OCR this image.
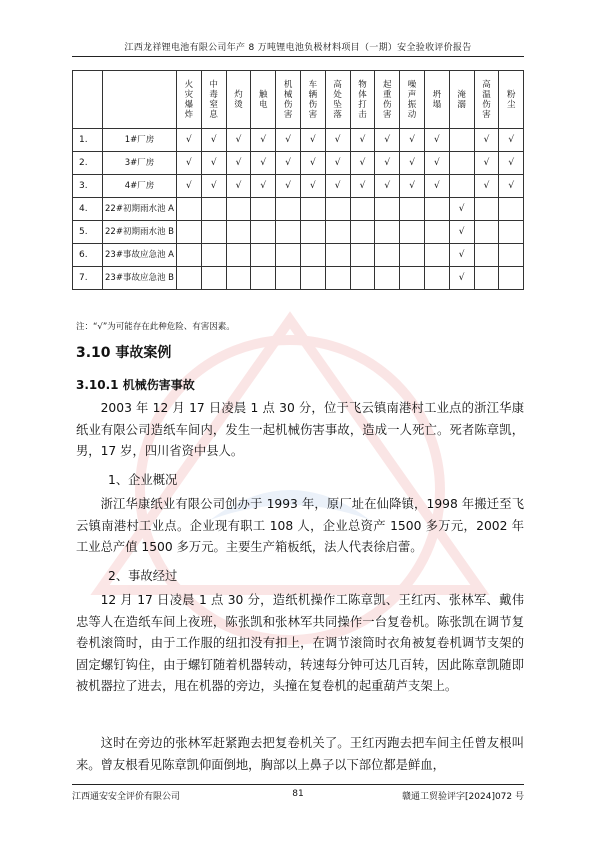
江西龙祥锂电池有限公司年产 8 万吨锂电池负极材料项目（一期）安全验收评价报告
		火灾爆炸	中毒窒息	灼烫	触电	机械伤害	车辆伤害	高处坠落	物体打击	起重伤害	噪声振动	坍塌	淹溺	高温伤害	粉尘
1.	1#厂房	√	√	√	√	√	√	√	√	√	√	√		√	√
2.	3#厂房	√	√	√	√	√	√	√	√	√	√	√		√	√
3.	4#厂房	√	√	√	√	√	√	√	√	√	√	√		√	√
4.	22#初期雨水池 A												√		
5.	22#初期雨水池 B												√		
6.	23#事故应急池 A												√		
7.	23#事故应急池 B												√		
注：“√”为可能存在此种危险、有害因素。
3.10 事故案例
3.10.1 机械伤害事故
2003 年 12 月 17 日凌晨 1 点 30 分，位于飞云镇南港村工业点的浙江华康纸业有限公司造纸车间内，发生一起机械伤害事故，造成一人死亡。死者陈章凯，男，17 岁，四川省资中县人。
1、企业概况
浙江华康纸业有限公司创办于 1993 年，原厂址在仙降镇，1998 年搬迁至飞云镇南港村工业点。企业现有职工 108 人，企业总资产 1500 多万元，2002 年工业总产值 1500 多万元。主要生产箱板纸，法人代表徐启蕾。
2、事故经过
12 月 17 日凌晨 1 点 30 分，造纸机操作工陈章凯、王红丙、张林军、戴伟忠等人在造纸车间上夜班，陈张凯和张林军共同操作一台复卷机。陈张凯在调节复卷机滚筒时，由于工作服的纽扣没有扣上，在调节滚筒时衣角被复卷机调节支架的固定螺钉钩住，由于螺钉随着机器转动，转速每分钟可达几百转，因此陈章凯随即被机器拉了进去，甩在机器的旁边，头撞在复卷机的起重葫芦支架上。
这时在旁边的张林军赶紧跑去把复卷机关了。王红丙跑去把车间主任曾友根叫来。曾友根看见陈章凯仰面倒地，胸部以上鼻子以下部位都是鲜血，
江西通安安全评价有限公司	81	赣通工贸验评字[2024]072 号
